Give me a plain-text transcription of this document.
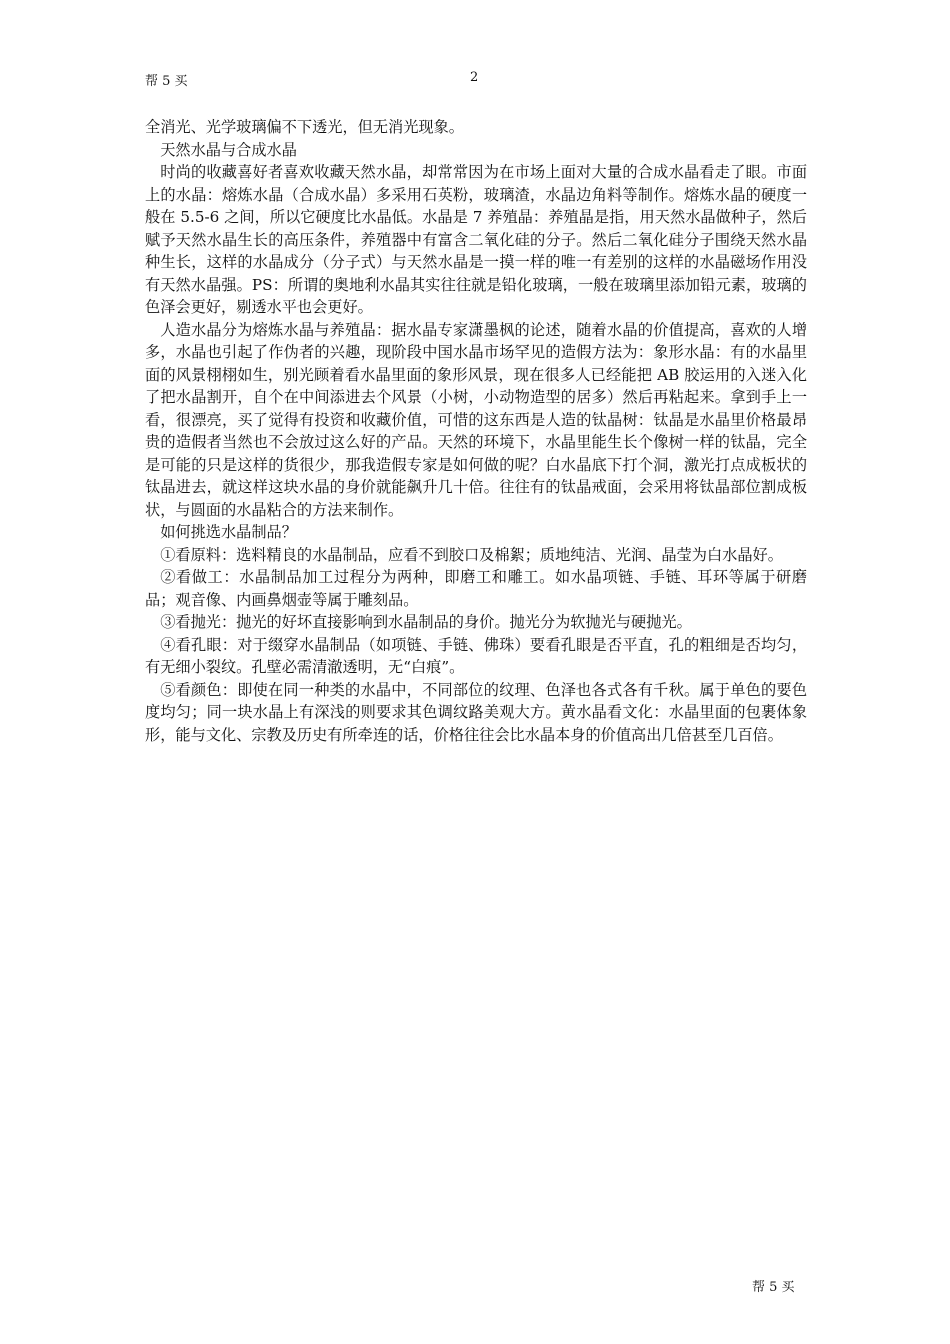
帮 5 买	2

全消光、光学玻璃偏不下透光，但无消光现象。

天然水晶与合成水晶

时尚的收藏喜好者喜欢收藏天然水晶，却常常因为在市场上面对大量的合成水晶看走了眼。市面上的水晶：熔炼水晶（合成水晶）多采用石英粉，玻璃渣，水晶边角料等制作。熔炼水晶的硬度一般在 5.5-6 之间，所以它硬度比水晶低。水晶是 7 养殖晶：养殖晶是指，用天然水晶做种子，然后赋予天然水晶生长的高压条件，养殖器中有富含二氧化硅的分子。然后二氧化硅分子围绕天然水晶种生长，这样的水晶成分（分子式）与天然水晶是一摸一样的唯一有差别的这样的水晶磁场作用没有天然水晶强。PS：所谓的奥地利水晶其实往往就是铅化玻璃，一般在玻璃里添加铅元素，玻璃的色泽会更好，剔透水平也会更好。

人造水晶分为熔炼水晶与养殖晶：据水晶专家潇墨枫的论述，随着水晶的价值提高，喜欢的人增多，水晶也引起了作伪者的兴趣，现阶段中国水晶市场罕见的造假方法为：象形水晶：有的水晶里面的风景栩栩如生，别光顾着看水晶里面的象形风景，现在很多人已经能把 AB 胶运用的入迷入化了把水晶割开，自个在中间添进去个风景（小树，小动物造型的居多）然后再粘起来。拿到手上一看，很漂亮，买了觉得有投资和收藏价值，可惜的这东西是人造的钛晶树：钛晶是水晶里价格最昂贵的造假者当然也不会放过这么好的产品。天然的环境下，水晶里能生长个像树一样的钛晶，完全是可能的只是这样的货很少，那我造假专家是如何做的呢？白水晶底下打个洞，激光打点成板状的钛晶进去，就这样这块水晶的身价就能飙升几十倍。往往有的钛晶戒面，会采用将钛晶部位割成板状，与圆面的水晶粘合的方法来制作。

如何挑选水晶制品？

①看原料：选料精良的水晶制品，应看不到胶口及棉絮；质地纯洁、光润、晶莹为白水晶好。

②看做工：水晶制品加工过程分为两种，即磨工和雕工。如水晶项链、手链、耳环等属于研磨品；观音像、内画鼻烟壶等属于雕刻品。

③看抛光：抛光的好坏直接影响到水晶制品的身价。抛光分为软抛光与硬抛光。

④看孔眼：对于缀穿水晶制品（如项链、手链、佛珠）要看孔眼是否平直，孔的粗细是否均匀，有无细小裂纹。孔壁必需清澈透明，无“白痕”。

⑤看颜色：即使在同一种类的水晶中，不同部位的纹理、色泽也各式各有千秋。属于单色的要色度均匀；同一块水晶上有深浅的则要求其色调纹路美观大方。黄水晶看文化：水晶里面的包裹体象形，能与文化、宗教及历史有所牵连的话，价格往往会比水晶本身的价值高出几倍甚至几百倍。

帮 5 买
